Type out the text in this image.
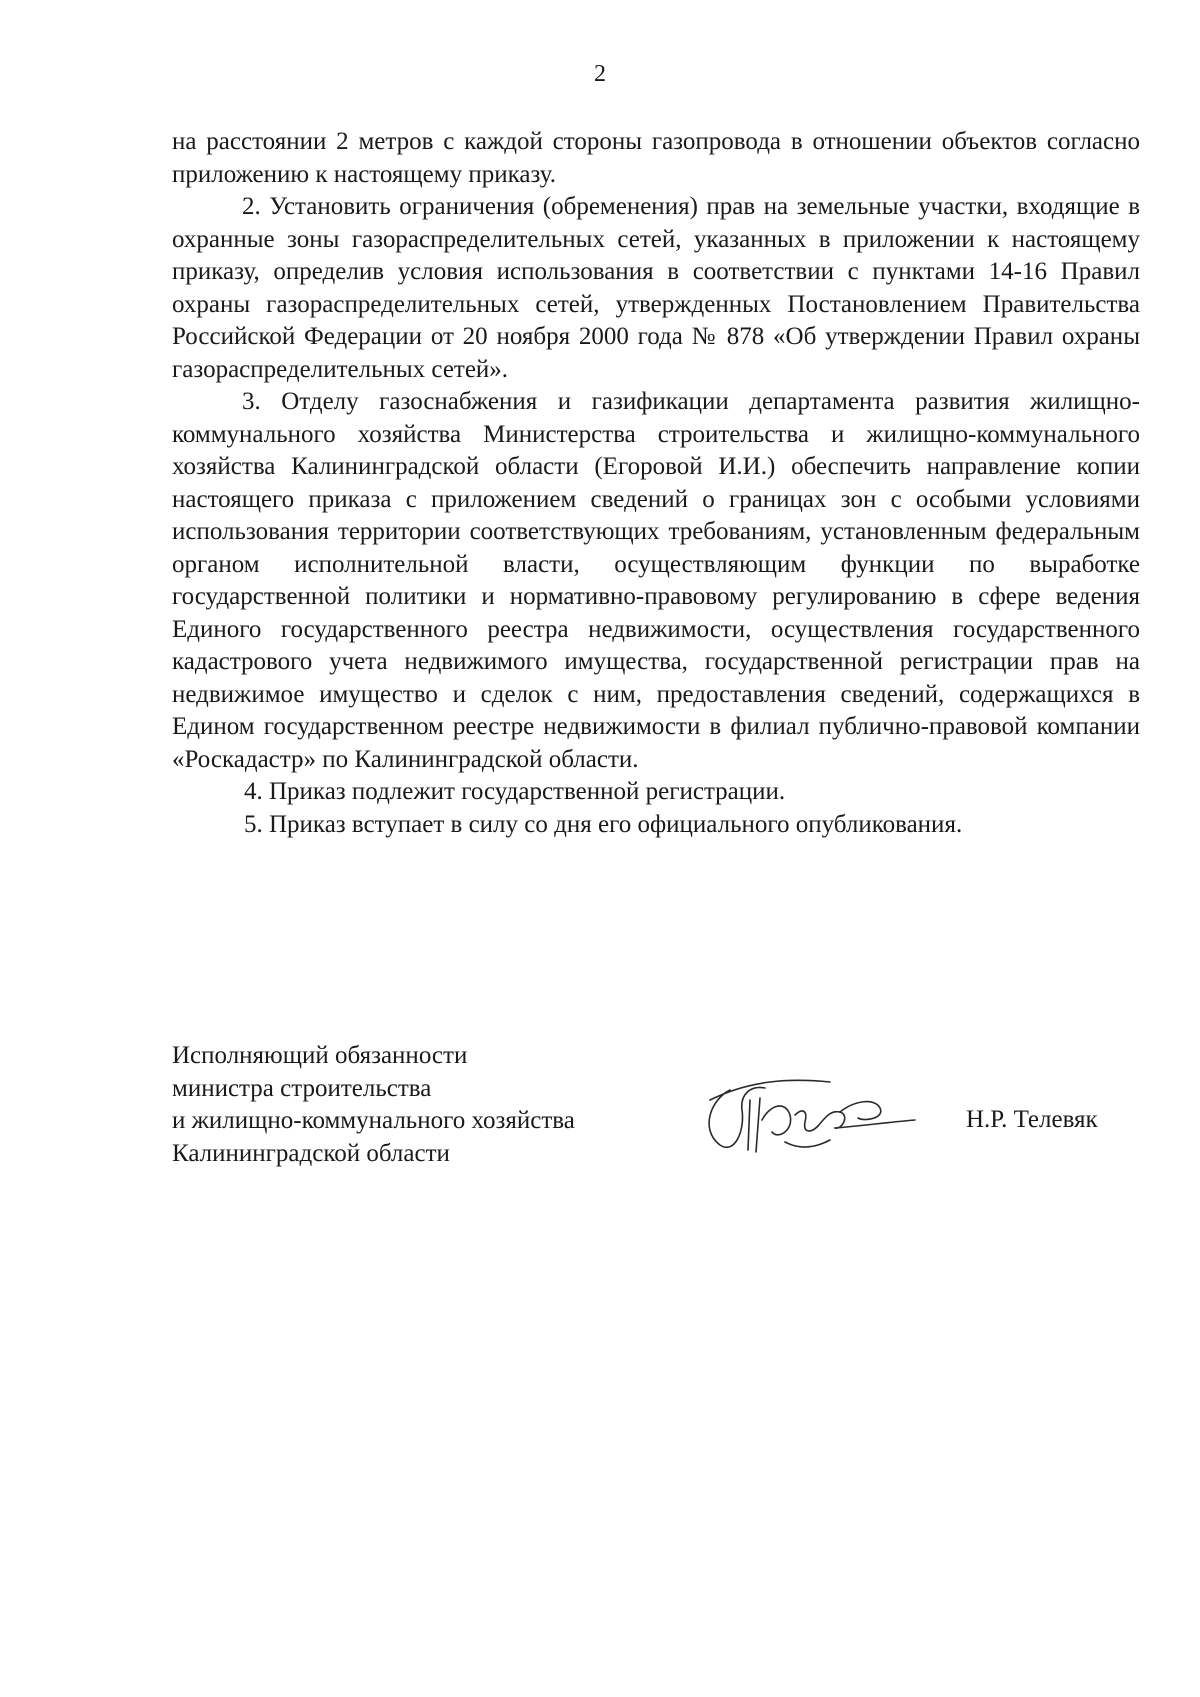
2

на расстоянии 2 метров с каждой стороны газопровода в отношении объектов согласно приложению к настоящему приказу.

2. Установить ограничения (обременения) прав на земельные участки, входящие в охранные зоны газораспределительных сетей, указанных в приложении к настоящему приказу, определив условия использования в соответствии с пунктами 14-16 Правил охраны газораспределительных сетей, утвержденных Постановлением Правительства Российской Федерации от 20 ноября 2000 года № 878 «Об утверждении Правил охраны газораспределительных сетей».

3. Отделу газоснабжения и газификации департамента развития жилищно-коммунального хозяйства Министерства строительства и жилищно-коммунального хозяйства Калининградской области (Егоровой И.И.) обеспечить направление копии настоящего приказа с приложением сведений о границах зон с особыми условиями использования территории соответствующих требованиям, установленным федеральным органом исполнительной власти, осуществляющим функции по выработке государственной политики и нормативно-правовому регулированию в сфере ведения Единого государственного реестра недвижимости, осуществления государственного кадастрового учета недвижимого имущества, государственной регистрации прав на недвижимое имущество и сделок с ним, предоставления сведений, содержащихся в Едином государственном реестре недвижимости в филиал публично-правовой компании «Роскадастр» по Калининградской области.

4. Приказ подлежит государственной регистрации.

5. Приказ вступает в силу со дня его официального опубликования.

Исполняющий обязанности
министра строительства
и жилищно-коммунального хозяйства
Калининградской области
Н.Р. Телевяк
